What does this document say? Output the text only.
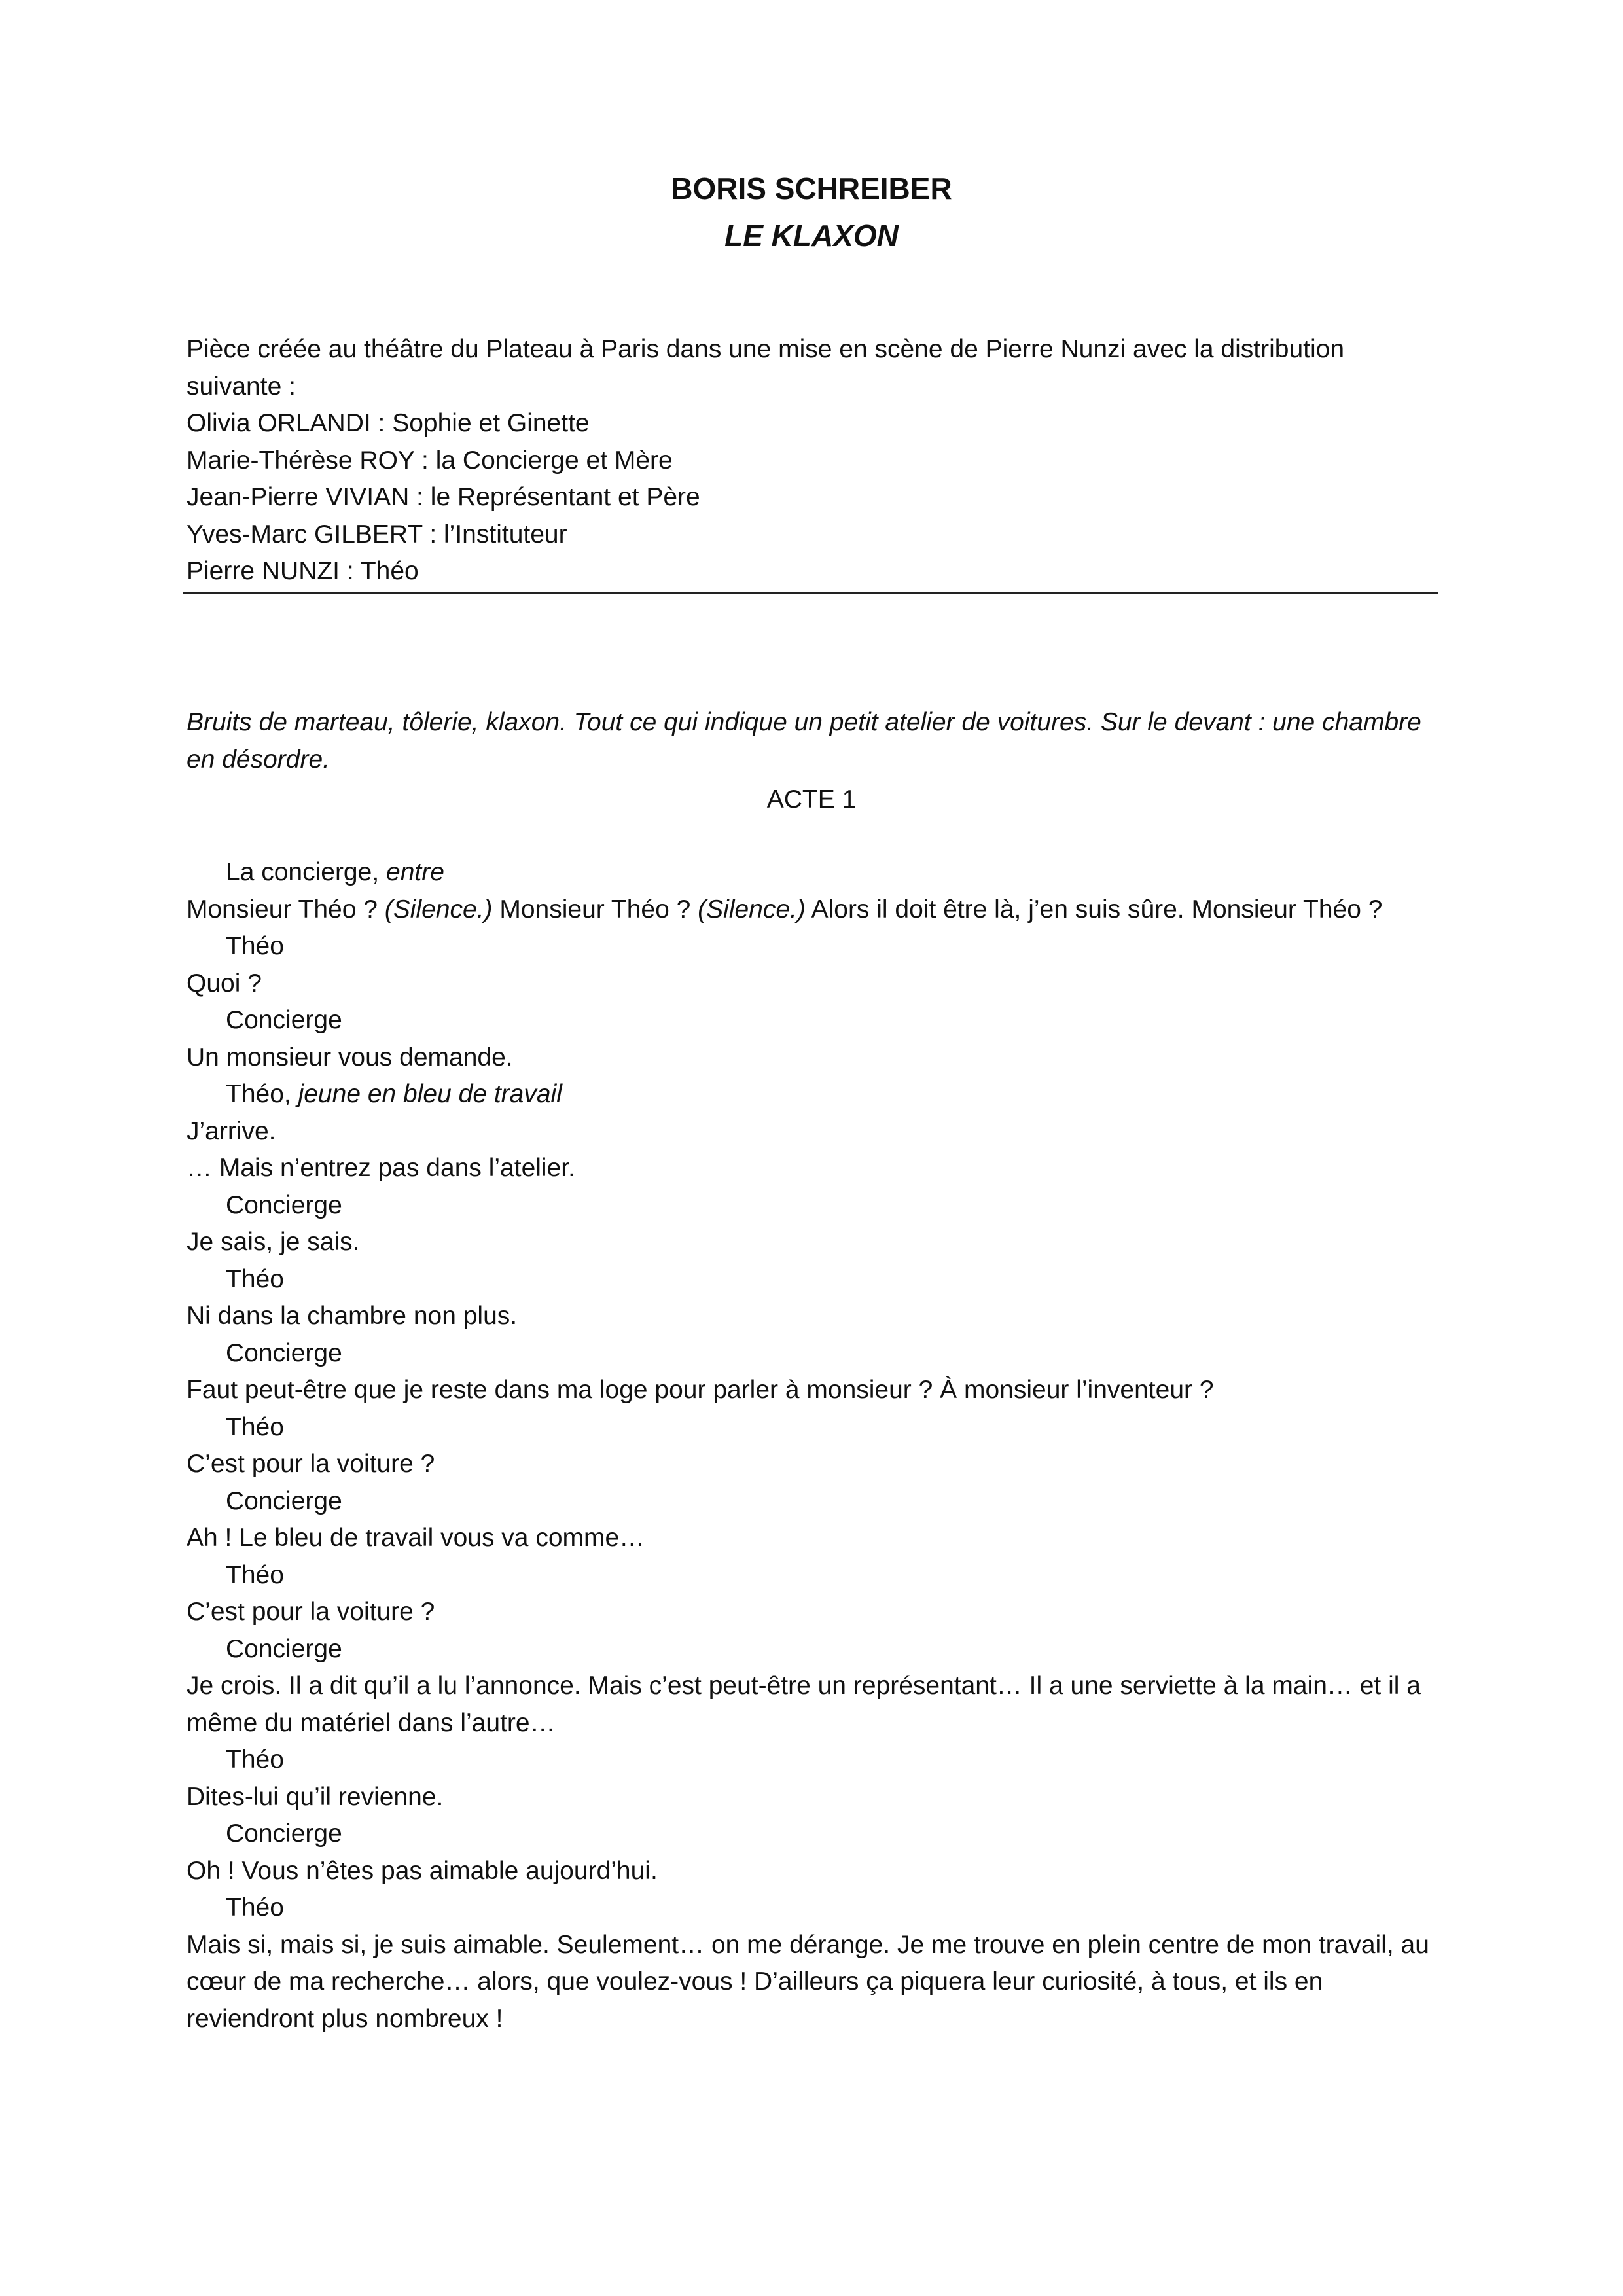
BORIS SCHREIBER
LE KLAXON
Pièce créée au théâtre du Plateau à Paris dans une mise en scène de Pierre Nunzi avec la distribution suivante :
Olivia ORLANDI : Sophie et Ginette
Marie-Thérèse ROY : la Concierge et Mère
Jean-Pierre VIVIAN : le Représentant et Père
Yves-Marc GILBERT : l’Instituteur
Pierre NUNZI : Théo
Bruits de marteau, tôlerie, klaxon. Tout ce qui indique un petit atelier de voitures. Sur le devant : une chambre en désordre.
ACTE 1
La concierge, entre
Monsieur Théo ? (Silence.) Monsieur Théo ? (Silence.) Alors il doit être là, j’en suis sûre. Monsieur Théo ?
Théo
Quoi ?
Concierge
Un monsieur vous demande.
Théo, jeune en bleu de travail
J’arrive.
… Mais n’entrez pas dans l’atelier.
Concierge
Je sais, je sais.
Théo
Ni dans la chambre non plus.
Concierge
Faut peut-être que je reste dans ma loge pour parler à monsieur ? À monsieur l’inventeur ?
Théo
C’est pour la voiture ?
Concierge
Ah ! Le bleu de travail vous va comme…
Théo
C’est pour la voiture ?
Concierge
Je crois. Il a dit qu’il a lu l’annonce. Mais c’est peut-être un représentant… Il a une serviette à la main… et il a même du matériel dans l’autre…
Théo
Dites-lui qu’il revienne.
Concierge
Oh ! Vous n’êtes pas aimable aujourd’hui.
Théo
Mais si, mais si, je suis aimable. Seulement… on me dérange. Je me trouve en plein centre de mon travail, au cœur de ma recherche… alors, que voulez-vous ! D’ailleurs ça piquera leur curiosité, à tous, et ils en reviendront plus nombreux !
